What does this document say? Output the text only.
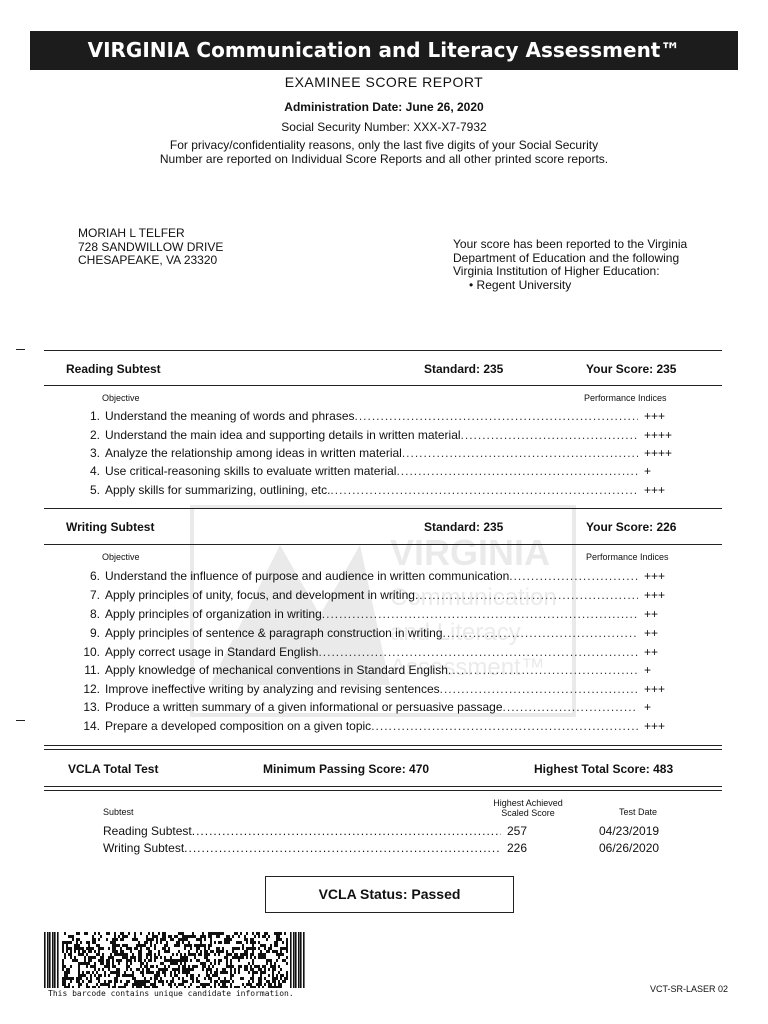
VIRGINIA Communication and Literacy Assessment™
EXAMINEE SCORE REPORT
Administration Date: June 26, 2020
Social Security Number: XXX-X7-7932
For privacy/confidentiality reasons, only the last five digits of your Social Security
Number are reported on Individual Score Reports and all other printed score reports.
MORIAH L TELFER
728 SANDWILLOW DRIVE
CHESAPEAKE, VA 23320
Your score has been reported to the Virginia
Department of Education and the following
Virginia Institution of Higher Education:
• Regent University
VIRGINIA
Communication
and Literacy
Assessment™
Reading Subtest	Standard: 235	Your Score: 235
Objective	Performance Indices
1. Understand the meaning of words and phrases .....	+++
2. Understand the main idea and supporting details in written material .....	++++
3. Analyze the relationship among ideas in written material .....	++++
4. Use critical-reasoning skills to evaluate written material .....	+
5. Apply skills for summarizing, outlining, etc. .....	+++
Writing Subtest	Standard: 235	Your Score: 226
Objective	Performance Indices
6. Understand the influence of purpose and audience in written communication .....	+++
7. Apply principles of unity, focus, and development in writing .....	+++
8. Apply principles of organization in writing .....	++
9. Apply principles of sentence & paragraph construction in writing .....	++
10. Apply correct usage in Standard English .....	++
11. Apply knowledge of mechanical conventions in Standard English .....	+
12. Improve ineffective writing by analyzing and revising sentences .....	+++
13. Produce a written summary of a given informational or persuasive passage .....	+
14. Prepare a developed composition on a given topic .....	+++
VCLA Total Test	Minimum Passing Score: 470	Highest Total Score: 483
Subtest
Highest Achieved
Scaled Score	Test Date
Reading Subtest .....	257	04/23/2019
Writing Subtest .....	226	06/26/2020
VCLA Status: Passed
This barcode contains unique candidate information.	VCT-SR-LASER 02
